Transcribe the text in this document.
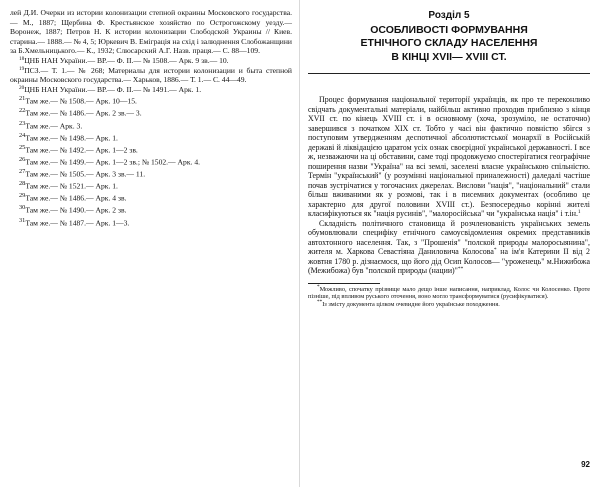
лей Д.И. Очерки из истории колонизации степной окраины Московского государства.— М., 1887; Щербина Ф. Крестьянское хозяйство по Острогожскому уезду.— Воронеж, 1887; Петров Н. К истории колонизации Слободской Украины // Киев. старина.— 1888.— № 4, 5; Юркевич В. Еміграція на схід і залюднення Слобожанщини за Б.Хмельницького.— К., 1932; Слюсарский А.Г. Назв. праця.— С. 88—109.

$^{18}$ЦНБ НАН України.— ВР.— Ф. II.— № 1508.— Арк. 9 зв.— 10.

$^{19}$ПСЗ.— Т. 1.— № 268; Материалы для истории колонизации и быта степной окраины Московского государства.— Харьков, 1886.— Т. 1.— С. 44—49.

$^{20}$ЦНБ НАН України.— ВР.— Ф. II.— № 1491.— Арк. 1.

$^{21}$Там же.— № 1508.— Арк. 10—15.
$^{22}$Там же.— № 1486.— Арк. 2 зв.— 3.
$^{23}$Там же.— Арк. 3.
$^{24}$Там же.— № 1498.— Арк. 1.
$^{25}$Там же.— № 1492.— Арк. 1—2 зв.
$^{26}$Там же.— № 1499.— Арк. 1—2 зв.; № 1502.— Арк. 4.
$^{27}$Там же.— № 1505.— Арк. 3 зв.— 11.
$^{28}$Там же.— № 1521.— Арк. 1.
$^{29}$Там же.— № 1486.— Арк. 4 зв.
$^{30}$Там же.— № 1490.— Арк. 2 зв.
$^{31}$Там же.— № 1487.— Арк. 1—3.
Розділ 5
ОСОБЛИВОСТІ ФОРМУВАННЯ
ЕТНІЧНОГО СКЛАДУ НАСЕЛЕННЯ
В КІНЦІ XVII— XVIII СТ.

Процес формування національної території українців, як про те переконливо свідчать документальні матеріали, найбільш активно проходив приблизно з кінця XVII ст. по кінець XVIII ст. і в основному (хоча, зрозуміло, не остаточно) завершився з початком XIX ст. Тобто у часі він фактично повністю збігся з поступовим утвердженням деспотичної абсолютистської монархії в Російській державі й ліквідацією царатом усіх ознак своєрідної української державності. І все ж, незважаючи на ці обставини, саме тоді продовжуємо спостерігатися географічне поширення назви "Україна" на всі землі, заселені власне українською спільністю. Термін "український" (у розумінні національної приналежності) даледалі частіше почав зустрічатися у тогочасних джерелах. Вислови "нація", "національний" стали більш вживаними як у розмові, так і в писемних документах (особливо це характерно для другої половини XVIII ст.). Безпосередньо корінні жителі класифікуються як "нація русинів", "малоросійська" чи "українська нація" і т.ін.$^1$

Складність політичного становища й розчленованість українських земель обумовлювали специфіку етнічного самоусвідомлення окремих представників автохтонного населення. Так, з "Прошенія" "полской природы малоросыянина", жителя м. Харкова Севастіяна Даниловича Колосова* на ім'я Катерини II від 2 жовтня 1780 р. дізнаємося, що його дід Осип Колосов— "уроженець" м.Нижибожа (Межибожа) був "полской природы (нации)"**

*Можливо, спочатку прізвище мало дещо інше написання, наприклад, Колос чи Колосенко. Проте пізніше, під впливом руського оточення, воно могло трансформуватися (русифікуватися).

**Із змісту документа цілком очевидне його українське походження.

92
